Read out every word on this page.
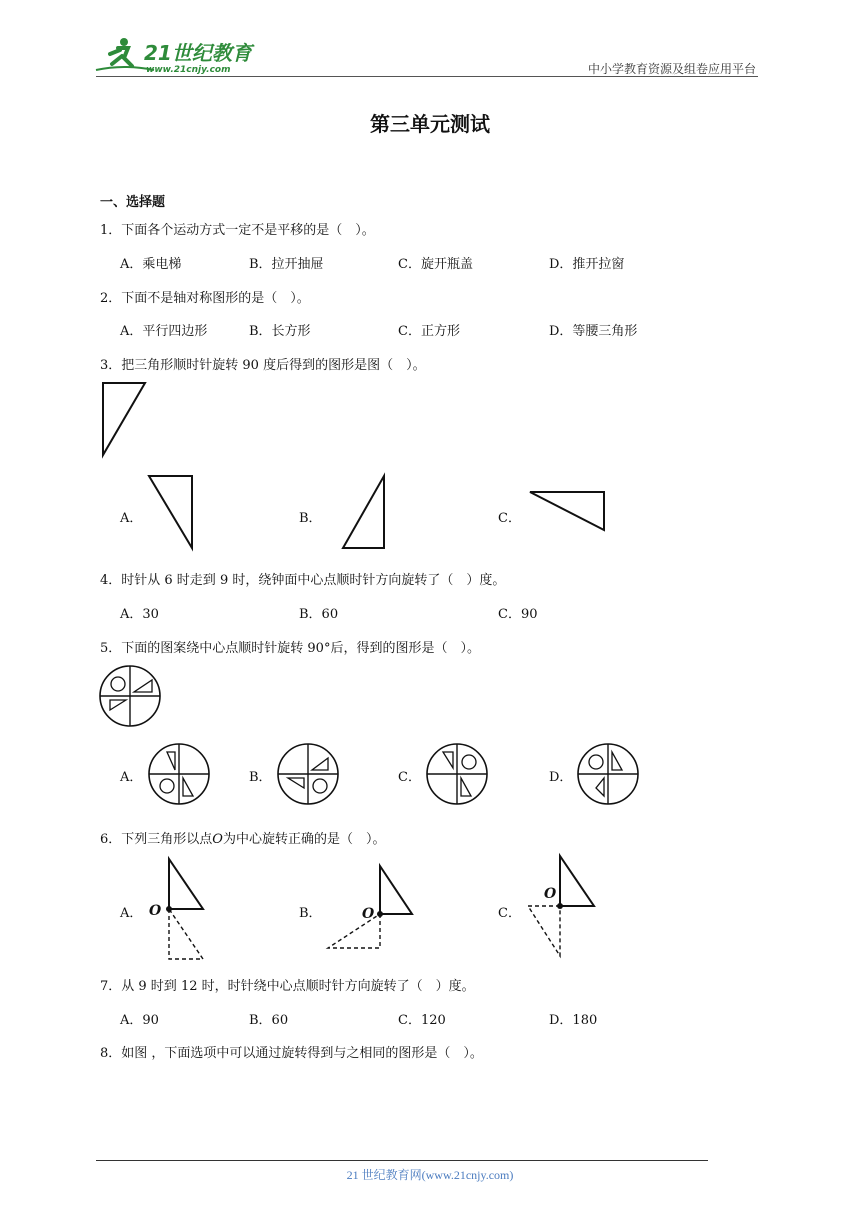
21世纪教育
www.21cnjy.com	中小学教育资源及组卷应用平台
第三单元测试
一、选择题
1．下面各个运动方式一定不是平移的是（　）。
A．乘电梯	B．拉开抽屉	C．旋开瓶盖	D．推开拉窗
2．下面不是轴对称图形的是（　）。
A．平行四边形	B．长方形	C．正方形	D．等腰三角形
3．把三角形顺时针旋转 90 度后得到的图形是图（　）。
A．	B．	C．
4．时针从 6 时走到 9 时，绕钟面中心点顺时针方向旋转了（　）度。
A．30	B．60	C．90
5．下面的图案绕中心点顺时针旋转 90°后，得到的图形是（　）。
A．	B．	C．	D．
6．下列三角形以点O为中心旋转正确的是（　）。
A． O	B．	O	C．
O
7．从 9 时到 12 时，时针绕中心点顺时针方向旋转了（　）度。
A．90	B．60	C．120	D．180
8．如图 ，下面选项中可以通过旋转得到与之相同的图形是（　）。
21 世纪教育网(www.21cnjy.com)
